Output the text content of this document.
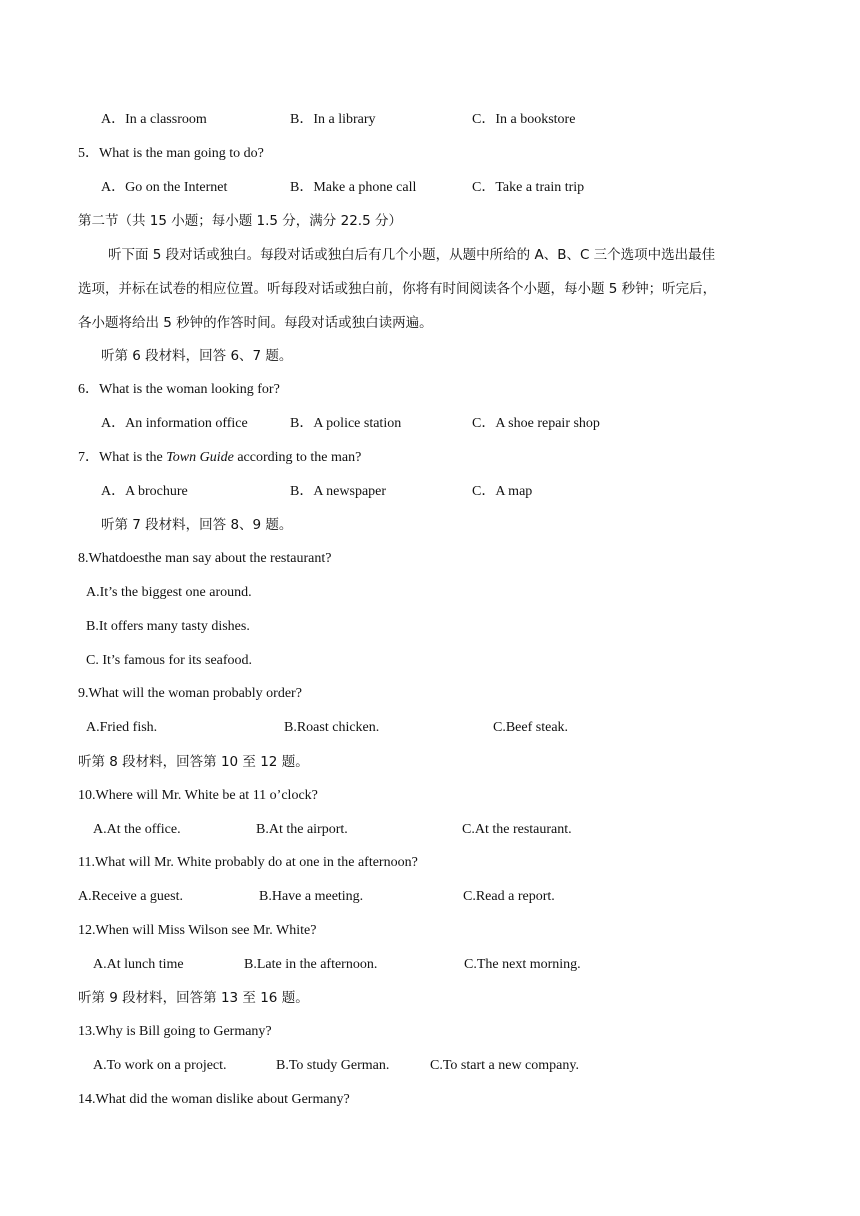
A．In a classroom	B．In a library	C．In a bookstore
5．What is the man going to do?
A．Go on the Internet	B．Make a phone call	C．Take a train trip
第二节（共 15 小题；每小题 1.5 分，满分 22.5 分）
听下面 5 段对话或独白。每段对话或独白后有几个小题，从题中所给的 A、B、C 三个选项中选出最佳
选项，并标在试卷的相应位置。听每段对话或独白前，你将有时间阅读各个小题，每小题 5 秒钟；听完后，
各小题将给出 5 秒钟的作答时间。每段对话或独白读两遍。
听第 6 段材料，回答 6、7 题。
6．What is the woman looking for?
A．An information office	B．A police station	C．A shoe repair shop
7．What is the Town Guide according to the man?
A．A brochure	B．A newspaper	C．A map
听第 7 段材料，回答 8、9 题。
8.Whatdoesthe man say about the restaurant?
A.It’s the biggest one around.
B.It offers many tasty dishes.
C. It’s famous for its seafood.
9.What will the woman probably order?
A.Fried fish.	B.Roast chicken.	C.Beef steak.
听第 8 段材料，回答第 10 至 12 题。
10.Where will Mr. White be at 11 o’clock?
A.At the office.	B.At the airport.	C.At the restaurant.
11.What will Mr. White probably do at one in the afternoon?
A.Receive a guest.	B.Have a meeting.	C.Read a report.
12.When will Miss Wilson see Mr. White?
A.At lunch time	B.Late in the afternoon.	C.The next morning.
听第 9 段材料，回答第 13 至 16 题。
13.Why is Bill going to Germany?
A.To work on a project.	B.To study German.	C.To start a new company.
14.What did the woman dislike about Germany?
